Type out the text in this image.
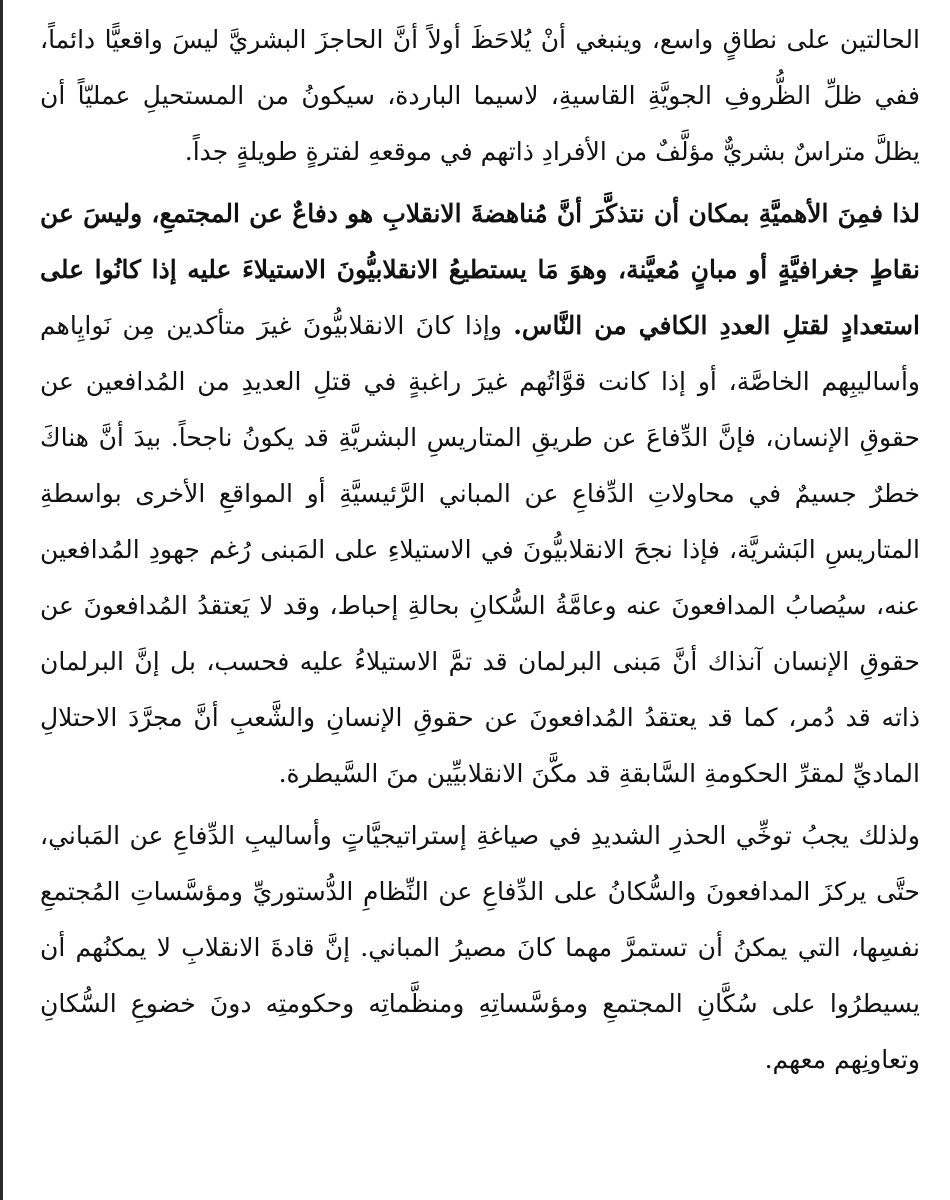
الحالتين على نطاقٍ واسع، وينبغي أنْ يُلاحَظَ أولاً أنَّ الحاجزَ البشريَّ ليسَ واقعيًّا دائماً، ففي ظلِّ الظُّروفِ الجويَّةِ القاسيةِ، لاسيما الباردة، سيكونُ من المستحيلِ عمليّاً أن يظلَّ متراسٌ بشريٌّ مؤلَّفٌ من الأفرادِ ذاتهم في موقعهِ لفترةٍ طويلةٍ جداً.

لذا فمِنَ الأهميَّةِ بمكان أن نتذكَّرَ أنَّ مُناهضةَ الانقلابِ هو دفاعٌ عن المجتمعِ، وليسَ عن نقاطٍ جغرافيَّةٍ أو مبانٍ مُعيَّنة، وهوَ مَا يستطيعُ الانقلابيُّونَ الاستيلاءَ عليه إذا كانُوا على استعدادٍ لقتلِ العددِ الكافي من النَّاس. وإذا كانَ الانقلابيُّونَ غيرَ متأكدين مِن نَوايِاهم وأساليبِهم الخاصَّة، أو إذا كانت قوَّاتُهم غيرَ راغبةٍ في قتلِ العديدِ من المُدافعين عن حقوقِ الإنسان، فإنَّ الدِّفاعَ عن طريقِ المتاريسِ البشريَّةِ قد يكونُ ناجحاً. بيدَ أنَّ هناكَ خطرٌ جسيمٌ في محاولاتِ الدِّفاعِ عن المباني الرَّئيسيَّةِ أو المواقعِ الأخرى بواسطةِ المتاريسِ البَشريَّة، فإذا نجحَ الانقلابيُّونَ في الاستيلاءِ على المَبنى رُغم جهودِ المُدافعين عنه، سيُصابُ المدافعونَ عنه وعامَّةُ السُّكانِ بحالةِ إحباط، وقد لا يَعتقدُ المُدافعونَ عن حقوقِ الإنسان آنذاك أنَّ مَبنى البرلمان قد تمَّ الاستيلاءُ عليه فحسب، بل إنَّ البرلمان ذاته قد دُمر، كما قد يعتقدُ المُدافعونَ عن حقوقِ الإنسانِ والشَّعبِ أنَّ مجرَّدَ الاحتلالِ الماديِّ لمقرِّ الحكومةِ السَّابقةِ قد مكَّنَ الانقلابيِّين منَ السَّيطرة.

ولذلك يجبُ توخِّي الحذرِ الشديدِ في صياغةِ إستراتيجيَّاتٍ وأساليبِ الدِّفاعِ عن المَباني، حتَّى يركزَ المدافعونَ والسُّكانُ على الدِّفاعِ عن النِّظامِ الدُّستوريِّ ومؤسَّساتِ المُجتمعِ نفسِها، التي يمكنُ أن تستمرَّ مهما كانَ مصيرُ المباني. إنَّ قادةَ الانقلابِ لا يمكنُهم أن يسيطرُوا على سُكَّانِ المجتمعِ ومؤسَّساتِهِ ومنظَّماتِه وحكومتِه دونَ خضوعِ السُّكانِ وتعاونِهم معهم.
